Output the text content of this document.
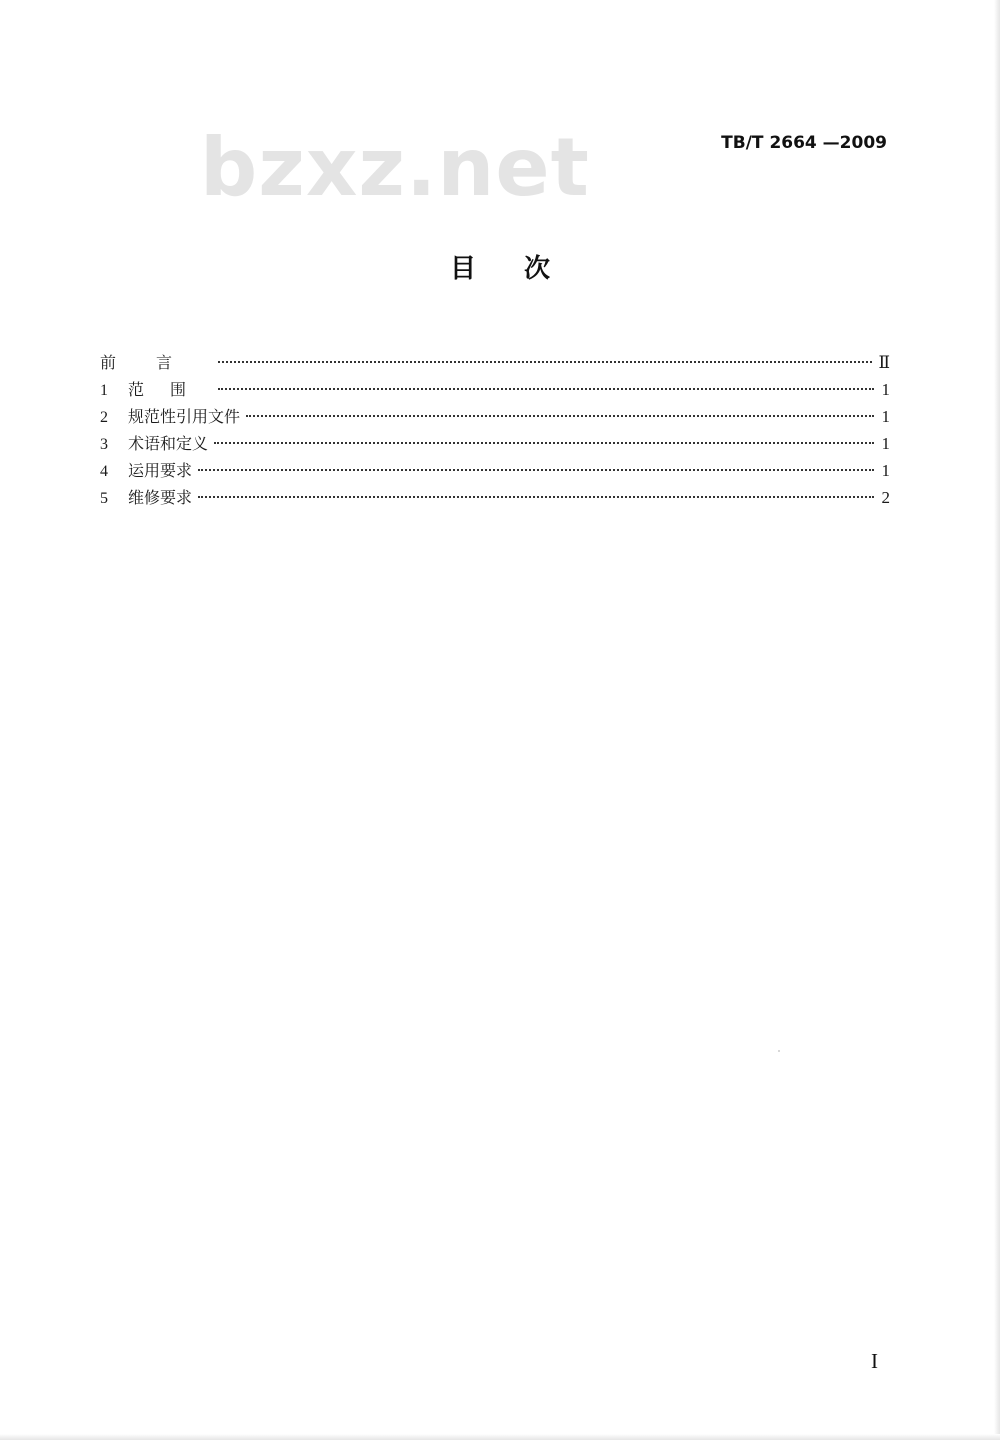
bzxz.net	TB/T 2664 —2009
目次
前言	Ⅱ
1	范围	1
2	规范性引用文件	1
3	术语和定义	1
4	运用要求	1
5	维修要求	2
I
